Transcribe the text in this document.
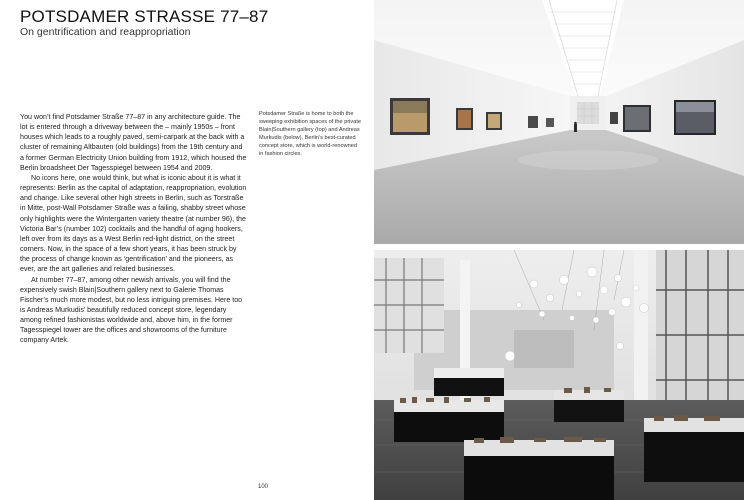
POTSDAMER STRASSE 77–87
On gentrification and reappropriation

You won’t find Potsdamer Straße 77–87 in any architecture guide. The lot is entered through a driveway between the – mainly 1950s – front houses which leads to a roughly paved, semi-carpark at the back with a cluster of remaining Altbauten (old buildings) from the 19th century and a former German Electricity Union building from 1912, which housed the Berlin broadsheet Der Tagesspiegel between 1954 and 2009.

No icons here, one would think, but what is iconic about it is what it represents: Berlin as the capital of adaptation, reappropriation, evolution and change. Like several other high streets in Berlin, such as Torstraße in Mitte, post-Wall Potsdamer Straße was a failing, shabby street whose only highlights were the Wintergarten variety theatre (at number 96), the Victoria Bar’s (number 102) cocktails and the handful of aging hookers, left over from its days as a West Berlin red-light district, on the street corners. Now, in the space of a few short years, it has been struck by the process of change known as ‘gentrification’ and the pioneers, as ever, are the art galleries and related businesses.

At number 77–87, among other newish arrivals, you will find the expensively swish Blain|Southern gallery next to Galerie Thomas Fischer’s much more modest, but no less intriguing premises. Here too is Andreas Murkudis’ beautifully reduced concept store, legendary among refined fashionistas worldwide and, above him, in the former Tagesspiegel tower are the offices and showrooms of the furniture company Artek.

Potsdamer Straße is home to both the sweeping exhibition spaces of the private Blain|Southern gallery (top) and Andreas Murkudis (below), Berlin’s best-curated concept store, which is world-renowned in fashion circles.
100
